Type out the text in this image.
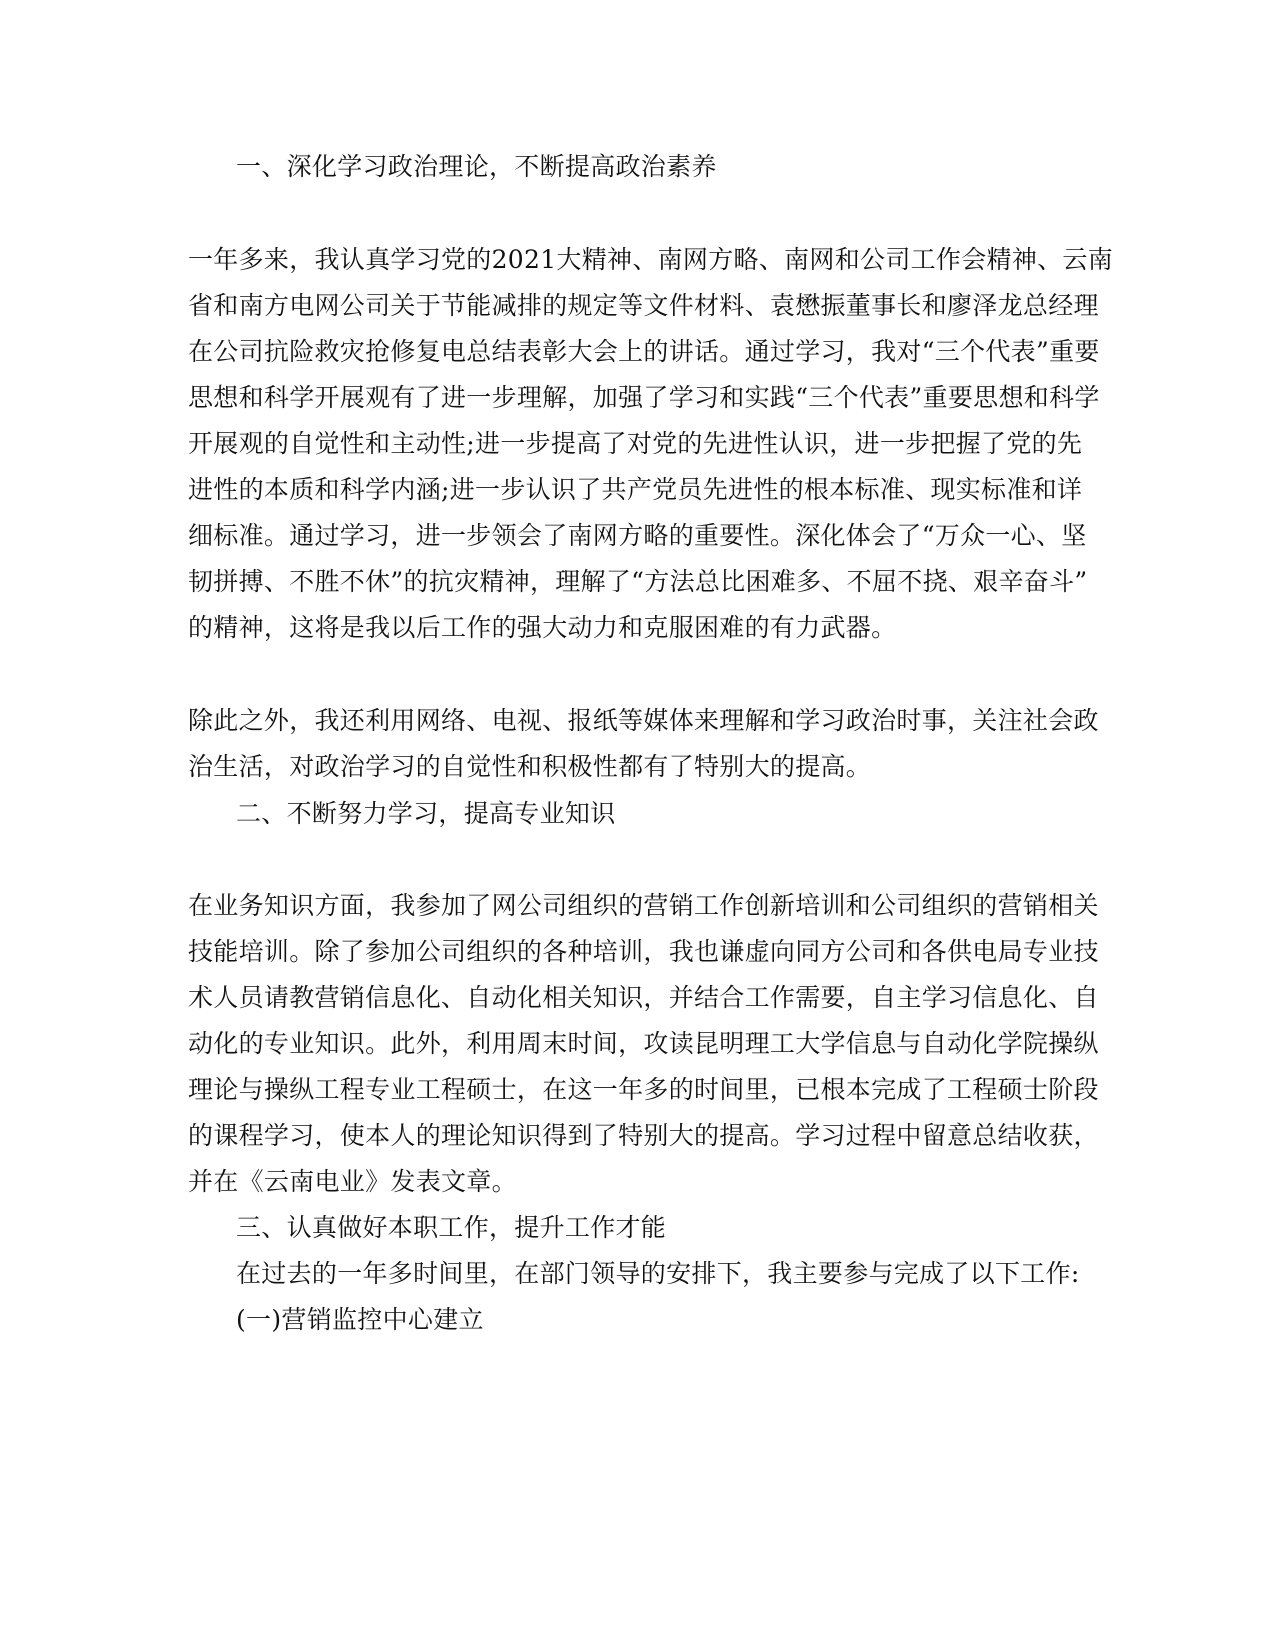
一、深化学习政治理论，不断提高政治素养
一年多来，我认真学习党的2021大精神、南网方略、南网和公司工作会精神、云南
省和南方电网公司关于节能减排的规定等文件材料、袁懋振董事长和廖泽龙总经理
在公司抗险救灾抢修复电总结表彰大会上的讲话。通过学习，我对“三个代表”重要
思想和科学开展观有了进一步理解，加强了学习和实践“三个代表”重要思想和科学
开展观的自觉性和主动性;进一步提高了对党的先进性认识，进一步把握了党的先
进性的本质和科学内涵;进一步认识了共产党员先进性的根本标准、现实标准和详
细标准。通过学习，进一步领会了南网方略的重要性。深化体会了“万众一心、坚
韧拼搏、不胜不休”的抗灾精神，理解了“方法总比困难多、不屈不挠、艰辛奋斗”
的精神，这将是我以后工作的强大动力和克服困难的有力武器。
除此之外，我还利用网络、电视、报纸等媒体来理解和学习政治时事，关注社会政
治生活，对政治学习的自觉性和积极性都有了特别大的提高。
二、不断努力学习，提高专业知识
在业务知识方面，我参加了网公司组织的营销工作创新培训和公司组织的营销相关
技能培训。除了参加公司组织的各种培训，我也谦虚向同方公司和各供电局专业技
术人员请教营销信息化、自动化相关知识，并结合工作需要，自主学习信息化、自
动化的专业知识。此外，利用周末时间，攻读昆明理工大学信息与自动化学院操纵
理论与操纵工程专业工程硕士，在这一年多的时间里，已根本完成了工程硕士阶段
的课程学习，使本人的理论知识得到了特别大的提高。学习过程中留意总结收获，
并在《云南电业》发表文章。
三、认真做好本职工作，提升工作才能
在过去的一年多时间里，在部门领导的安排下，我主要参与完成了以下工作:
(一)营销监控中心建立
